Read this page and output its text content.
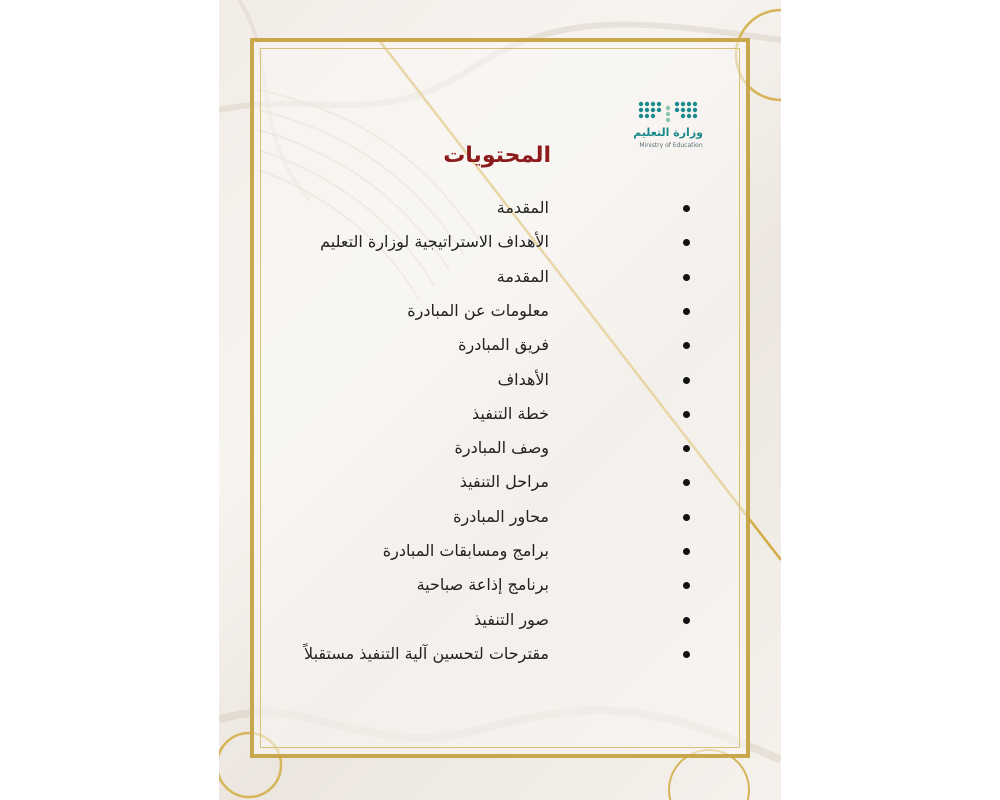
وزارة التعليم
Ministry of Education
المحتويات
المقدمة
الأهداف الاستراتيجية لوزارة التعليم
المقدمة
معلومات عن المبادرة
فريق المبادرة
الأهداف
خطة التنفيذ
وصف المبادرة
مراحل التنفيذ
محاور المبادرة
برامج ومسابقات المبادرة
برنامج إذاعة صباحية
صور التنفيذ
مقترحات لتحسين آلية التنفيذ مستقبلاً
